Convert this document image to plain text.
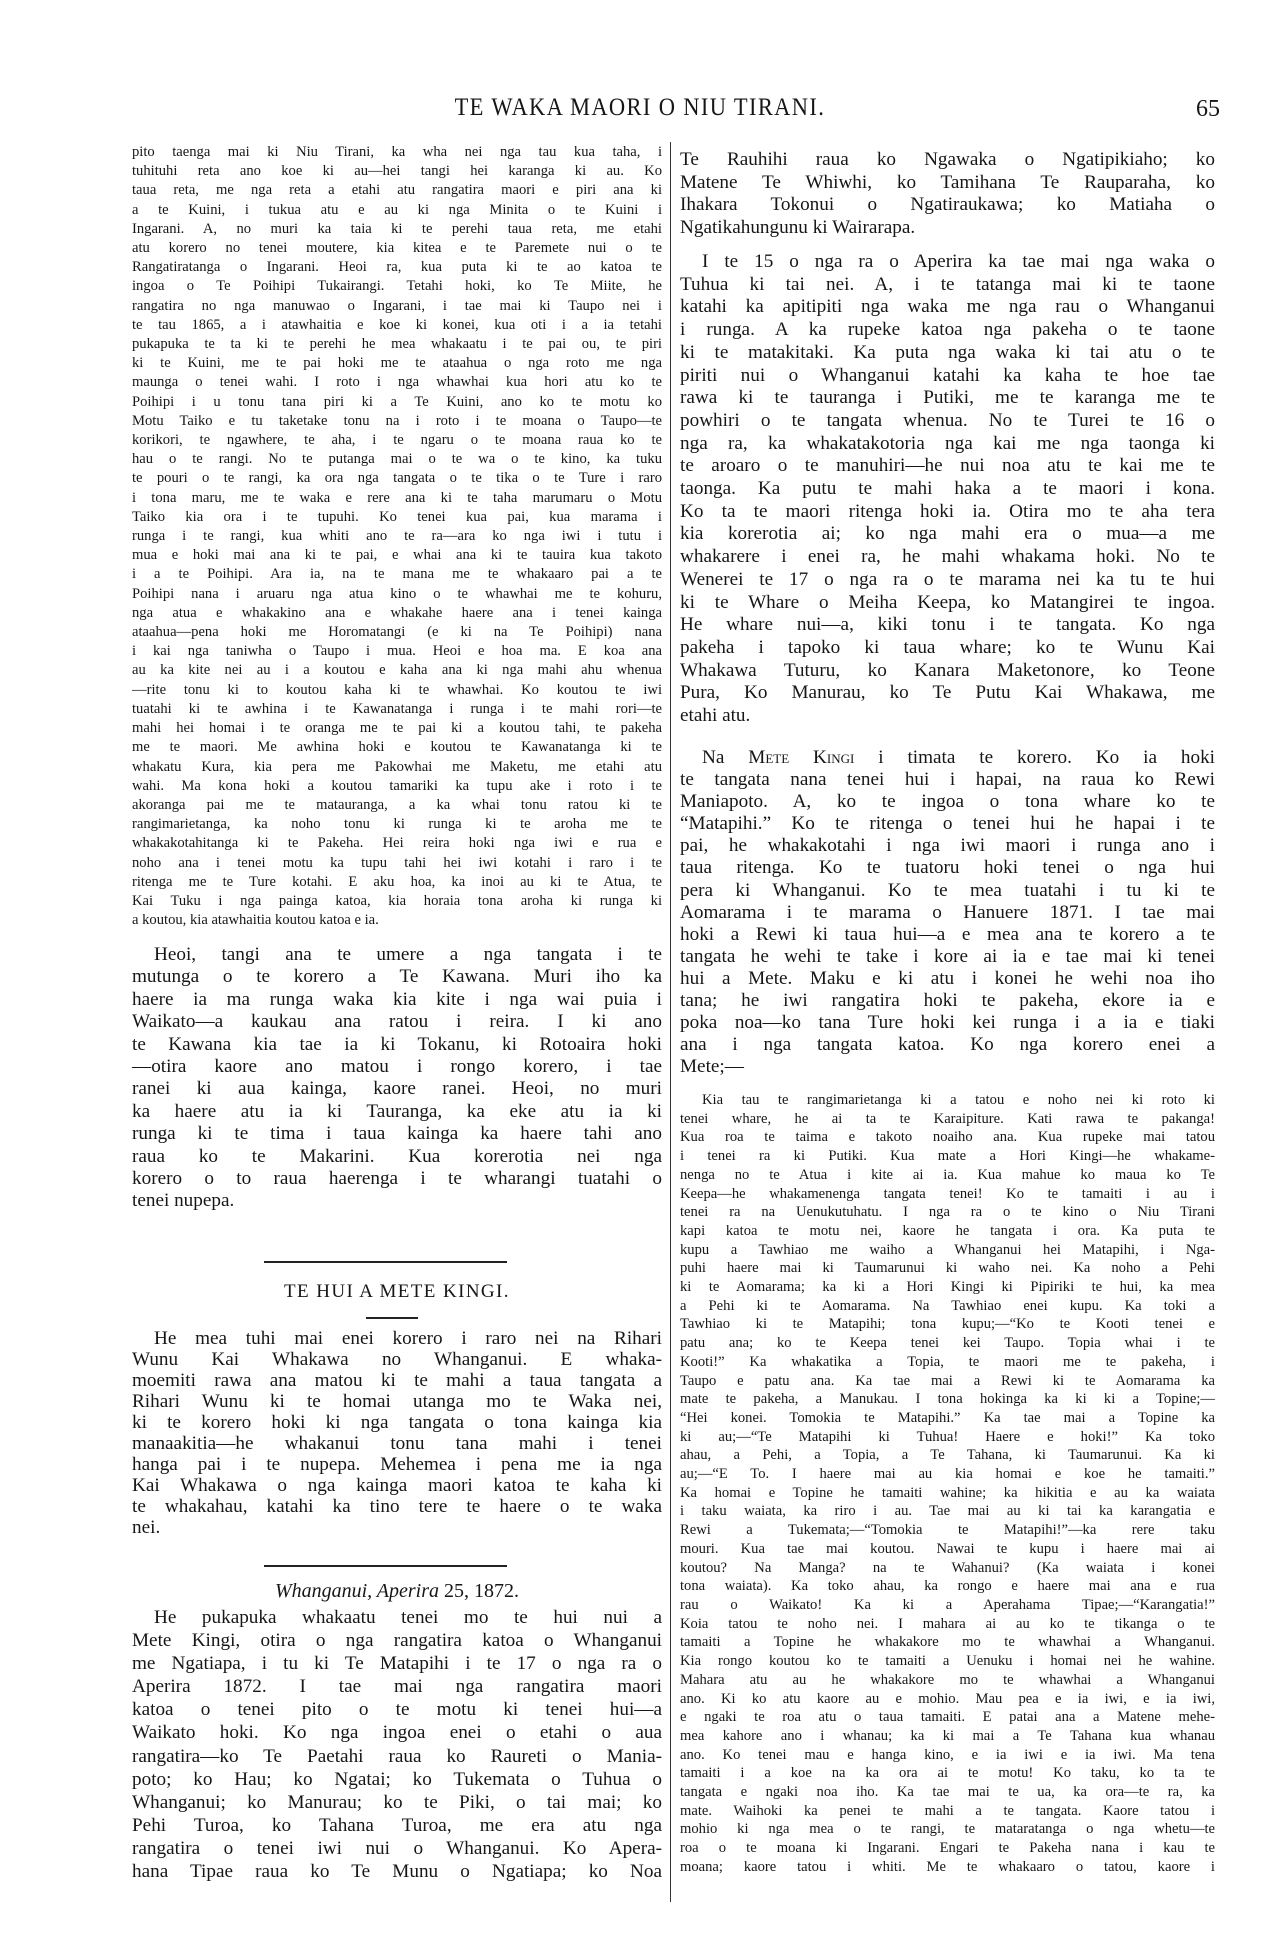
TE WAKA MAORI O NIU TIRANI.	65
pito taenga mai ki Niu Tirani, ka wha nei nga tau kua taha, i
tuhituhi reta ano koe ki au—hei tangi hei karanga ki au. Ko
taua reta, me nga reta a etahi atu rangatira maori e piri ana ki
a te Kuini, i tukua atu e au ki nga Minita o te Kuini i
Ingarani. A, no muri ka taia ki te perehi taua reta, me etahi
atu korero no tenei moutere, kia kitea e te Paremete nui o te
Rangatiratanga o Ingarani. Heoi ra, kua puta ki te ao katoa te
ingoa o Te Poihipi Tukairangi. Tetahi hoki, ko Te Miite, he
rangatira no nga manuwao o Ingarani, i tae mai ki Taupo nei i
te tau 1865, a i atawhaitia e koe ki konei, kua oti i a ia tetahi
pukapuka te ta ki te perehi he mea whakaatu i te pai ou, te piri
ki te Kuini, me te pai hoki me te ataahua o nga roto me nga
maunga o tenei wahi. I roto i nga whawhai kua hori atu ko te
Poihipi i u tonu tana piri ki a Te Kuini, ano ko te motu ko
Motu Taiko e tu taketake tonu na i roto i te moana o Taupo—te
korikori, te ngawhere, te aha, i te ngaru o te moana raua ko te
hau o te rangi. No te putanga mai o te wa o te kino, ka tuku
te pouri o te rangi, ka ora nga tangata o te tika o te Ture i raro
i tona maru, me te waka e rere ana ki te taha marumaru o Motu
Taiko kia ora i te tupuhi. Ko tenei kua pai, kua marama i
runga i te rangi, kua whiti ano te ra—ara ko nga iwi i tutu i
mua e hoki mai ana ki te pai, e whai ana ki te tauira kua takoto
i a te Poihipi. Ara ia, na te mana me te whakaaro pai a te
Poihipi nana i aruaru nga atua kino o te whawhai me te kohuru,
nga atua e whakakino ana e whakahe haere ana i tenei kainga
ataahua—pena hoki me Horomatangi (e ki na Te Poihipi) nana
i kai nga taniwha o Taupo i mua. Heoi e hoa ma. E koa ana
au ka kite nei au i a koutou e kaha ana ki nga mahi ahu whenua
—rite tonu ki to koutou kaha ki te whawhai. Ko koutou te iwi
tuatahi ki te awhina i te Kawanatanga i runga i te mahi rori—te
mahi hei homai i te oranga me te pai ki a koutou tahi, te pakeha
me te maori. Me awhina hoki e koutou te Kawanatanga ki te
whakatu Kura, kia pera me Pakowhai me Maketu, me etahi atu
wahi. Ma kona hoki a koutou tamariki ka tupu ake i roto i te
akoranga pai me te matauranga, a ka whai tonu ratou ki te
rangimarietanga, ka noho tonu ki runga ki te aroha me te
whakakotahitanga ki te Pakeha. Hei reira hoki nga iwi e rua e
noho ana i tenei motu ka tupu tahi hei iwi kotahi i raro i te
ritenga me te Ture kotahi. E aku hoa, ka inoi au ki te Atua, te
Kai Tuku i nga painga katoa, kia horaia tona aroha ki runga ki
a koutou, kia atawhaitia koutou katoa e ia.
Heoi, tangi ana te umere a nga tangata i te
mutunga o te korero a Te Kawana. Muri iho ka
haere ia ma runga waka kia kite i nga wai puia i
Waikato—a kaukau ana ratou i reira. I ki ano
te Kawana kia tae ia ki Tokanu, ki Rotoaira hoki
—otira kaore ano matou i rongo korero, i tae
ranei ki aua kainga, kaore ranei. Heoi, no muri
ka haere atu ia ki Tauranga, ka eke atu ia ki
runga ki te tima i taua kainga ka haere tahi ano
raua ko te Makarini. Kua korerotia nei nga
korero o to raua haerenga i te wharangi tuatahi o
tenei nupepa.
TE HUI A METE KINGI.
He mea tuhi mai enei korero i raro nei na Rihari
Wunu Kai Whakawa no Whanganui. E whaka-
moemiti rawa ana matou ki te mahi a taua tangata a
Rihari Wunu ki te homai utanga mo te Waka nei,
ki te korero hoki ki nga tangata o tona kainga kia
manaakitia—he whakanui tonu tana mahi i tenei
hanga pai i te nupepa. Mehemea i pena me ia nga
Kai Whakawa o nga kainga maori katoa te kaha ki
te whakahau, katahi ka tino tere te haere o te waka
nei.
Whanganui, Aperira 25, 1872.
He pukapuka whakaatu tenei mo te hui nui a
Mete Kingi, otira o nga rangatira katoa o Whanganui
me Ngatiapa, i tu ki Te Matapihi i te 17 o nga ra o
Aperira 1872. I tae mai nga rangatira maori
katoa o tenei pito o te motu ki tenei hui—a
Waikato hoki. Ko nga ingoa enei o etahi o aua
rangatira—ko Te Paetahi raua ko Raureti o Mania-
poto; ko Hau; ko Ngatai; ko Tukemata o Tuhua o
Whanganui; ko Manurau; ko te Piki, o tai mai; ko
Pehi Turoa, ko Tahana Turoa, me era atu nga
rangatira o tenei iwi nui o Whanganui. Ko Apera-
hana Tipae raua ko Te Munu o Ngatiapa; ko Noa
Te Rauhihi raua ko Ngawaka o Ngatipikiaho; ko
Matene Te Whiwhi, ko Tamihana Te Rauparaha, ko
Ihakara Tokonui o Ngatiraukawa; ko Matiaha o
Ngatikahungunu ki Wairarapa.
I te 15 o nga ra o Aperira ka tae mai nga waka o
Tuhua ki tai nei. A, i te tatanga mai ki te taone
katahi ka apitipiti nga waka me nga rau o Whanganui
i runga. A ka rupeke katoa nga pakeha o te taone
ki te matakitaki. Ka puta nga waka ki tai atu o te
piriti nui o Whanganui katahi ka kaha te hoe tae
rawa ki te tauranga i Putiki, me te karanga me te
powhiri o te tangata whenua. No te Turei te 16 o
nga ra, ka whakatakotoria nga kai me nga taonga ki
te aroaro o te manuhiri—he nui noa atu te kai me te
taonga. Ka putu te mahi haka a te maori i kona.
Ko ta te maori ritenga hoki ia. Otira mo te aha tera
kia korerotia ai; ko nga mahi era o mua—a me
whakarere i enei ra, he mahi whakama hoki. No te
Wenerei te 17 o nga ra o te marama nei ka tu te hui
ki te Whare o Meiha Keepa, ko Matangirei te ingoa.
He whare nui—a, kiki tonu i te tangata. Ko nga
pakeha i tapoko ki taua whare; ko te Wunu Kai
Whakawa Tuturu, ko Kanara Maketonore, ko Teone
Pura, Ko Manurau, ko Te Putu Kai Whakawa, me
etahi atu.
Na Mete Kingi i timata te korero. Ko ia hoki
te tangata nana tenei hui i hapai, na raua ko Rewi
Maniapoto. A, ko te ingoa o tona whare ko te
“Matapihi.” Ko te ritenga o tenei hui he hapai i te
pai, he whakakotahi i nga iwi maori i runga ano i
taua ritenga. Ko te tuatoru hoki tenei o nga hui
pera ki Whanganui. Ko te mea tuatahi i tu ki te
Aomarama i te marama o Hanuere 1871. I tae mai
hoki a Rewi ki taua hui—a e mea ana te korero a te
tangata he wehi te take i kore ai ia e tae mai ki tenei
hui a Mete. Maku e ki atu i konei he wehi noa iho
tana; he iwi rangatira hoki te pakeha, ekore ia e
poka noa—ko tana Ture hoki kei runga i a ia e tiaki
ana i nga tangata katoa. Ko nga korero enei a
Mete;—
Kia tau te rangimarietanga ki a tatou e noho nei ki roto ki
tenei whare, he ai ta te Karaipiture. Kati rawa te pakanga!
Kua roa te taima e takoto noaiho ana. Kua rupeke mai tatou
i tenei ra ki Putiki. Kua mate a Hori Kingi—he whakame-
nenga no te Atua i kite ai ia. Kua mahue ko maua ko Te
Keepa—he whakamenenga tangata tenei! Ko te tamaiti i au i
tenei ra na Uenukutuhatu. I nga ra o te kino o Niu Tirani
kapi katoa te motu nei, kaore he tangata i ora. Ka puta te
kupu a Tawhiao me waiho a Whanganui hei Matapihi, i Nga-
puhi haere mai ki Taumarunui ki waho nei. Ka noho a Pehi
ki te Aomarama; ka ki a Hori Kingi ki Pipiriki te hui, ka mea
a Pehi ki te Aomarama. Na Tawhiao enei kupu. Ka toki a
Tawhiao ki te Matapihi; tona kupu;—“Ko te Kooti tenei e
patu ana; ko te Keepa tenei kei Taupo. Topia whai i te
Kooti!” Ka whakatika a Topia, te maori me te pakeha, i
Taupo e patu ana. Ka tae mai a Rewi ki te Aomarama ka
mate te pakeha, a Manukau. I tona hokinga ka ki ki a Topine;—
“Hei konei. Tomokia te Matapihi.” Ka tae mai a Topine ka
ki au;—“Te Matapihi ki Tuhua! Haere e hoki!” Ka toko
ahau, a Pehi, a Topia, a Te Tahana, ki Taumarunui. Ka ki
au;—“E To. I haere mai au kia homai e koe he tamaiti.”
Ka homai e Topine he tamaiti wahine; ka hikitia e au ka waiata
i taku waiata, ka riro i au. Tae mai au ki tai ka karangatia e
Rewi a Tukemata;—“Tomokia te Matapihi!”—ka rere taku
mouri. Kua tae mai koutou. Nawai te kupu i haere mai ai
koutou? Na Manga? na te Wahanui? (Ka waiata i konei
tona waiata). Ka toko ahau, ka rongo e haere mai ana e rua
rau o Waikato! Ka ki a Aperahama Tipae;—“Karangatia!”
Koia tatou te noho nei. I mahara ai au ko te tikanga o te
tamaiti a Topine he whakakore mo te whawhai a Whanganui.
Kia rongo koutou ko te tamaiti a Uenuku i homai nei he wahine.
Mahara atu au he whakakore mo te whawhai a Whanganui
ano. Ki ko atu kaore au e mohio. Mau pea e ia iwi, e ia iwi,
e ngaki te roa atu o taua tamaiti. E patai ana a Matene mehe-
mea kahore ano i whanau; ka ki mai a Te Tahana kua whanau
ano. Ko tenei mau e hanga kino, e ia iwi e ia iwi. Ma tena
tamaiti i a koe na ka ora ai te motu! Ko taku, ko ta te
tangata e ngaki noa iho. Ka tae mai te ua, ka ora—te ra, ka
mate. Waihoki ka penei te mahi a te tangata. Kaore tatou i
mohio ki nga mea o te rangi, te mataratanga o nga whetu—te
roa o te moana ki Ingarani. Engari te Pakeha nana i kau te
moana; kaore tatou i whiti. Me te whakaaro o tatou, kaore i
